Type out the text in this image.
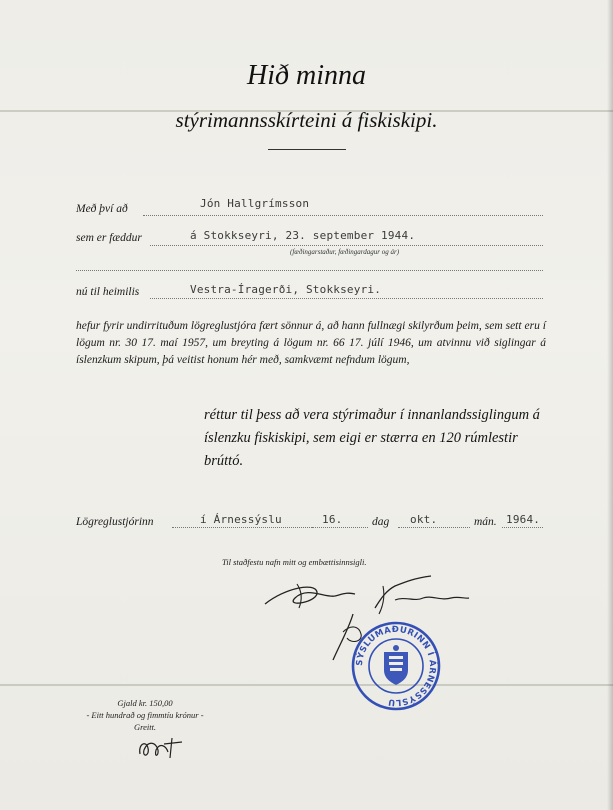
Hið minna
stýrimannsskírteini á fiskiskipi.
Með því að	Jón Hallgrímsson
sem er fæddur	á Stokkseyri, 23. september 1944.
(fæðingarstaður, fæðingardagur og ár)
nú til heimilis	Vestra-Íragerði, Stokkseyri.
hefur fyrir undirrituðum lögreglustjóra fært sönnur á, að hann fullnægi skilyrðum þeim, sem sett eru í lögum nr. 30 17. maí 1957, um breyting á lögum nr. 66 17. júlí 1946, um atvinnu við siglingar á íslenzkum skipum, þá veitist honum hér með, samkvæmt nefndum lögum,
réttur til þess að vera stýrimaður í innanlandssiglingum á íslenzku fiskiskipi, sem eigi er stærra en 120 rúmlestir brúttó.
Lögreglustjórinn	í Árnessýslu	16.	dag okt.	mán. 1964.
Til staðfestu nafn mitt og embættisinnsigli.
SÝSLUMAÐURINN Í ÁRNESSÝSLU
Gjald kr. 150,00
- Eitt hundrað og fimmtíu krónur -
Greitt.
